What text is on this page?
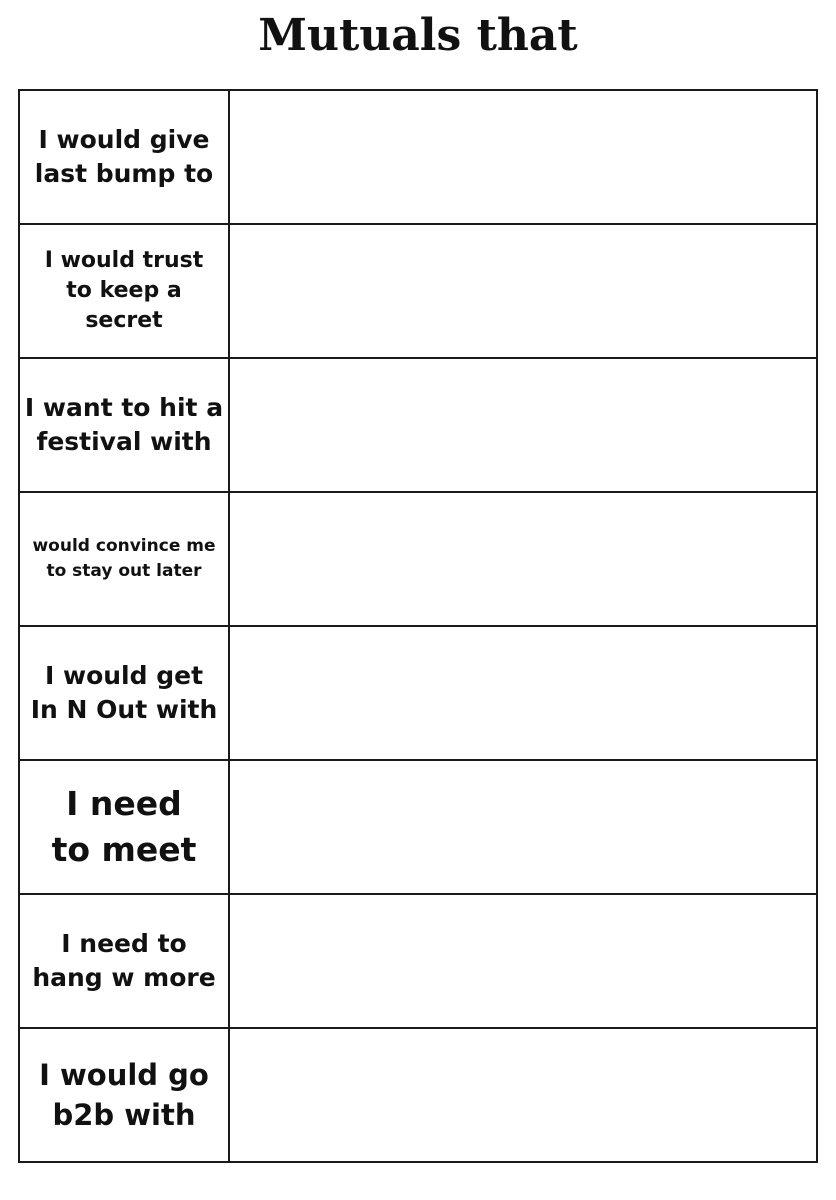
Mutuals that
I would give
last bump to
I would trust
to keep a secret
I want to hit a
festival with
would convince me
to stay out later
I would get
In N Out with
I need
to meet
I need to
hang w more
I would go
b2b with
